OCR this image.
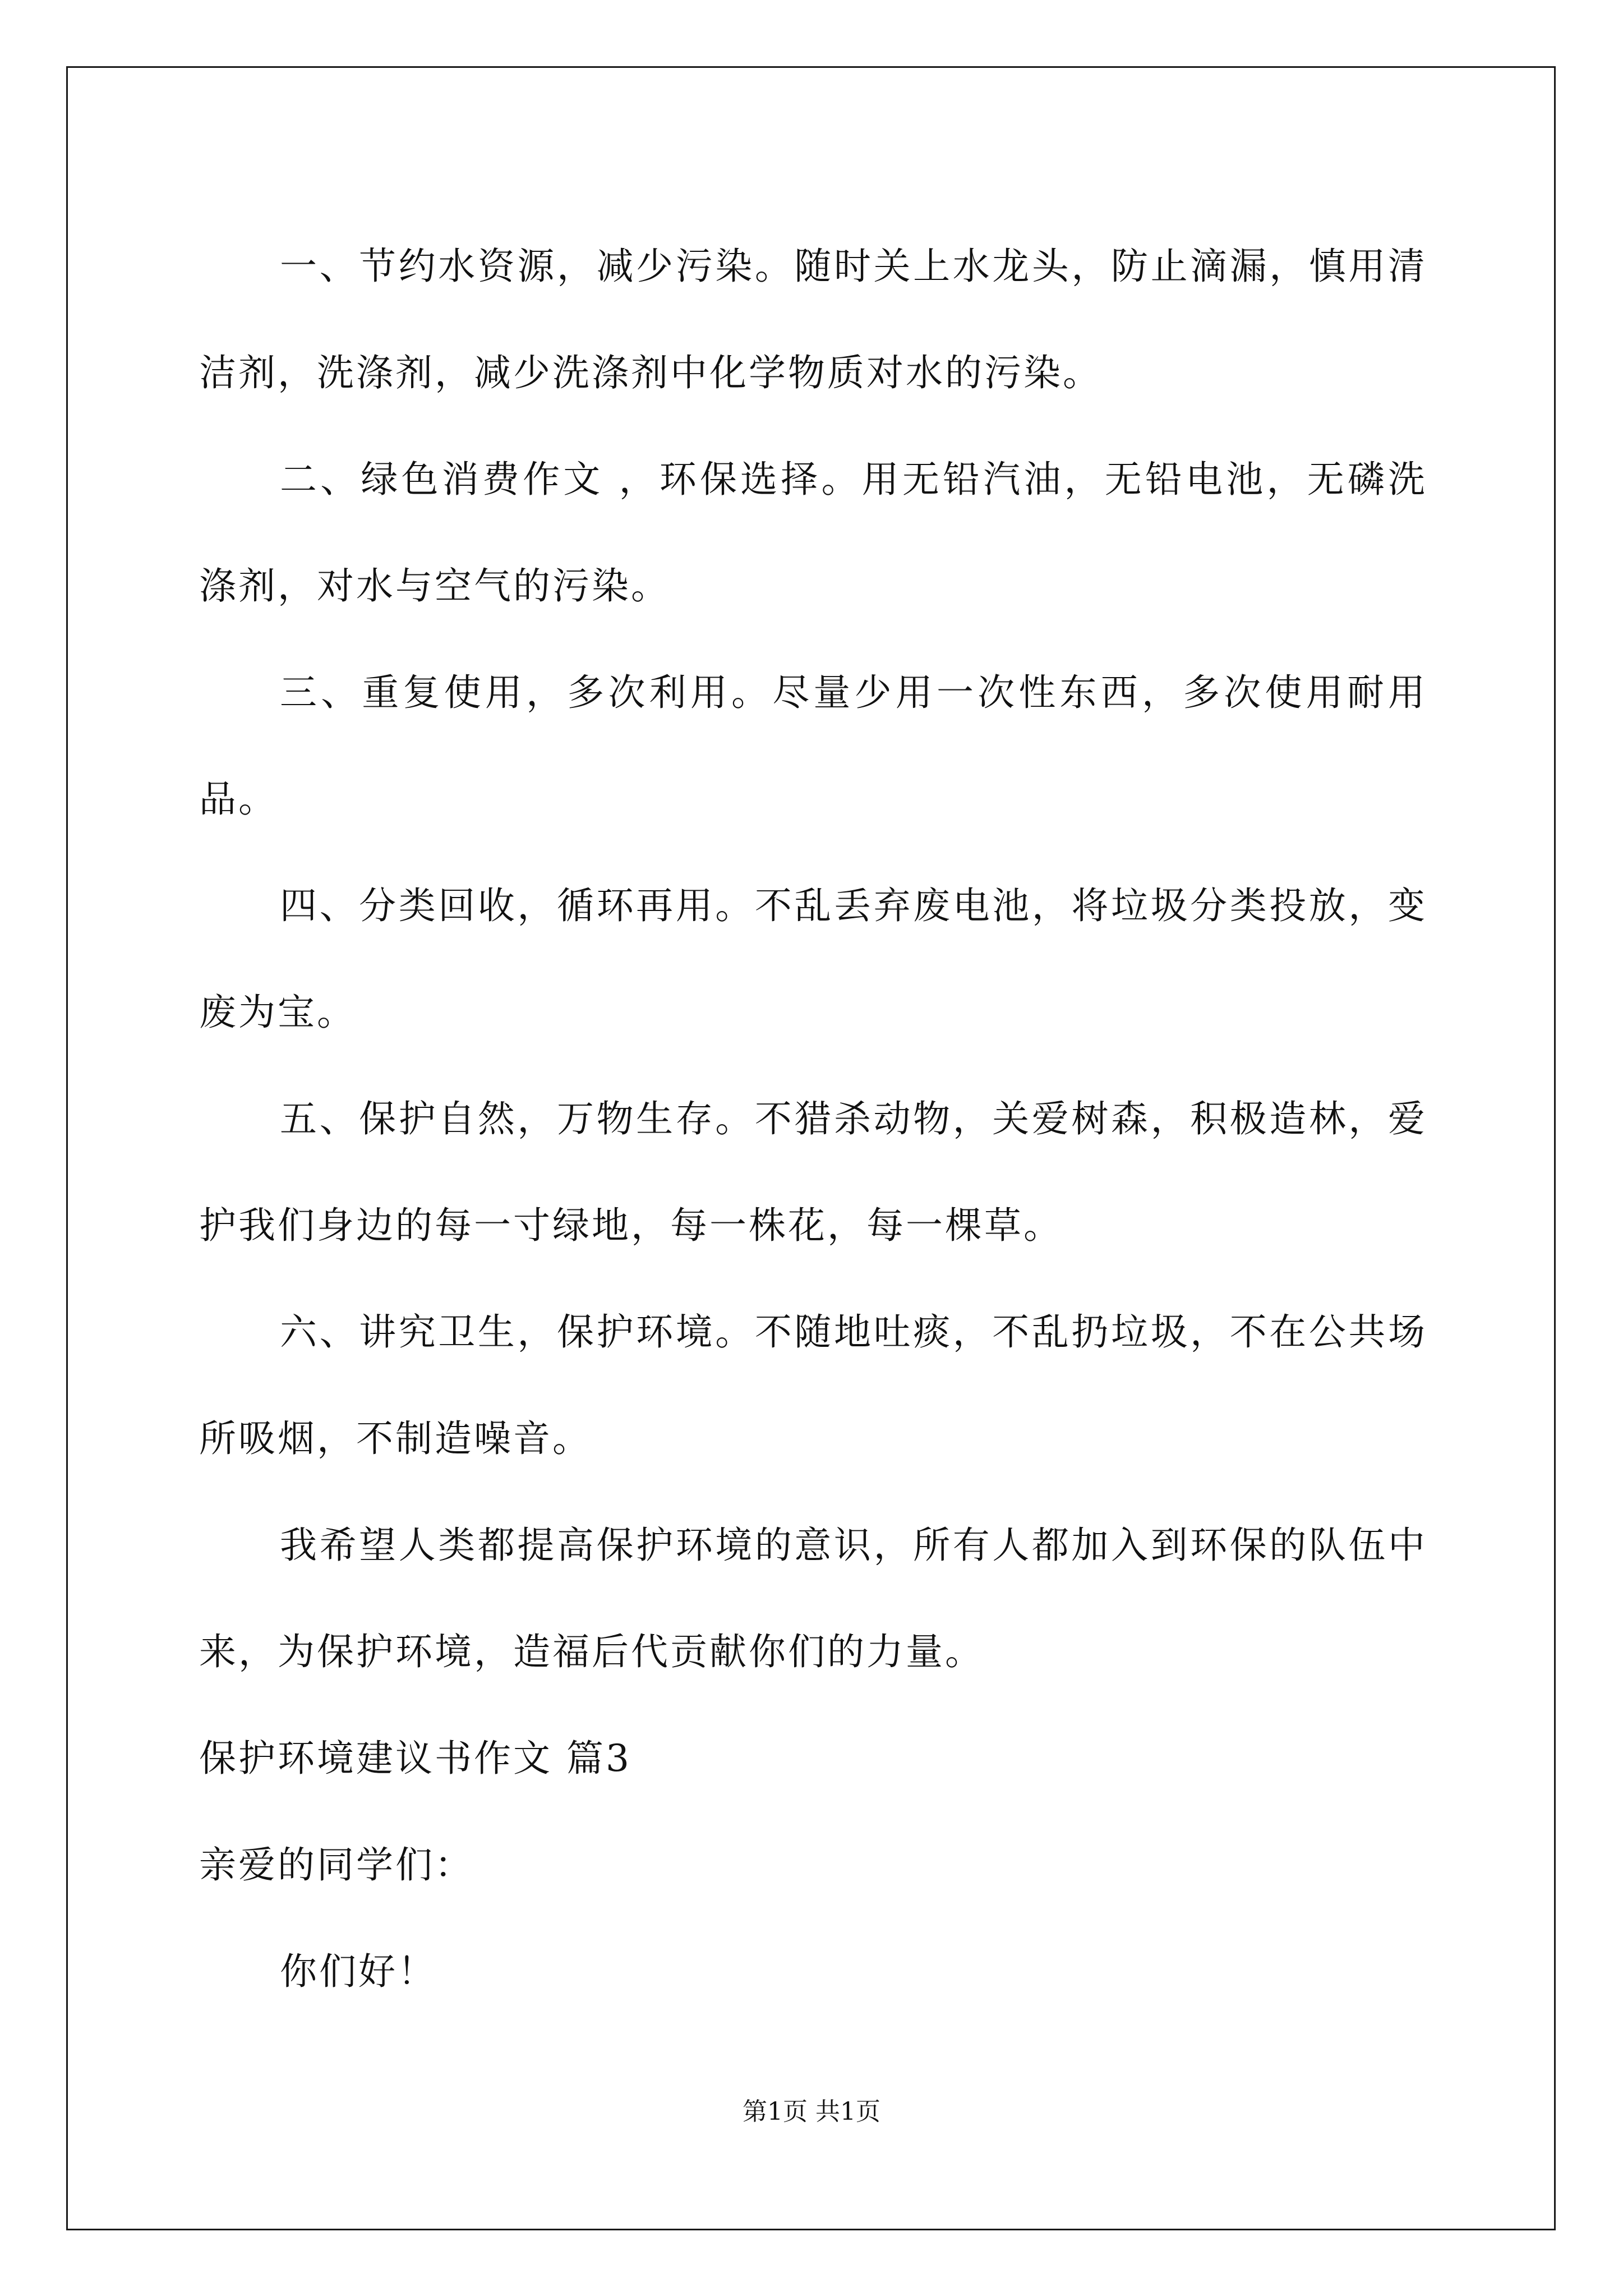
一、节约水资源，减少污染。随时关上水龙头，防止滴漏，慎用清洁剂，洗涤剂，减少洗涤剂中化学物质对水的污染。

二、绿色消费作文 ，环保选择。用无铅汽油，无铅电池，无磷洗涤剂，对水与空气的污染。

三、重复使用，多次利用。尽量少用一次性东西，多次使用耐用品。

四、分类回收，循环再用。不乱丢弃废电池，将垃圾分类投放，变废为宝。

五、保护自然，万物生存。不猎杀动物，关爱树森，积极造林，爱护我们身边的每一寸绿地，每一株花，每一棵草。

六、讲究卫生，保护环境。不随地吐痰，不乱扔垃圾，不在公共场所吸烟，不制造噪音。

我希望人类都提高保护环境的意识，所有人都加入到环保的队伍中来，为保护环境，造福后代贡献你们的力量。

保护环境建议书作文 篇3

亲爱的同学们：

你们好！

第1页 共1页
